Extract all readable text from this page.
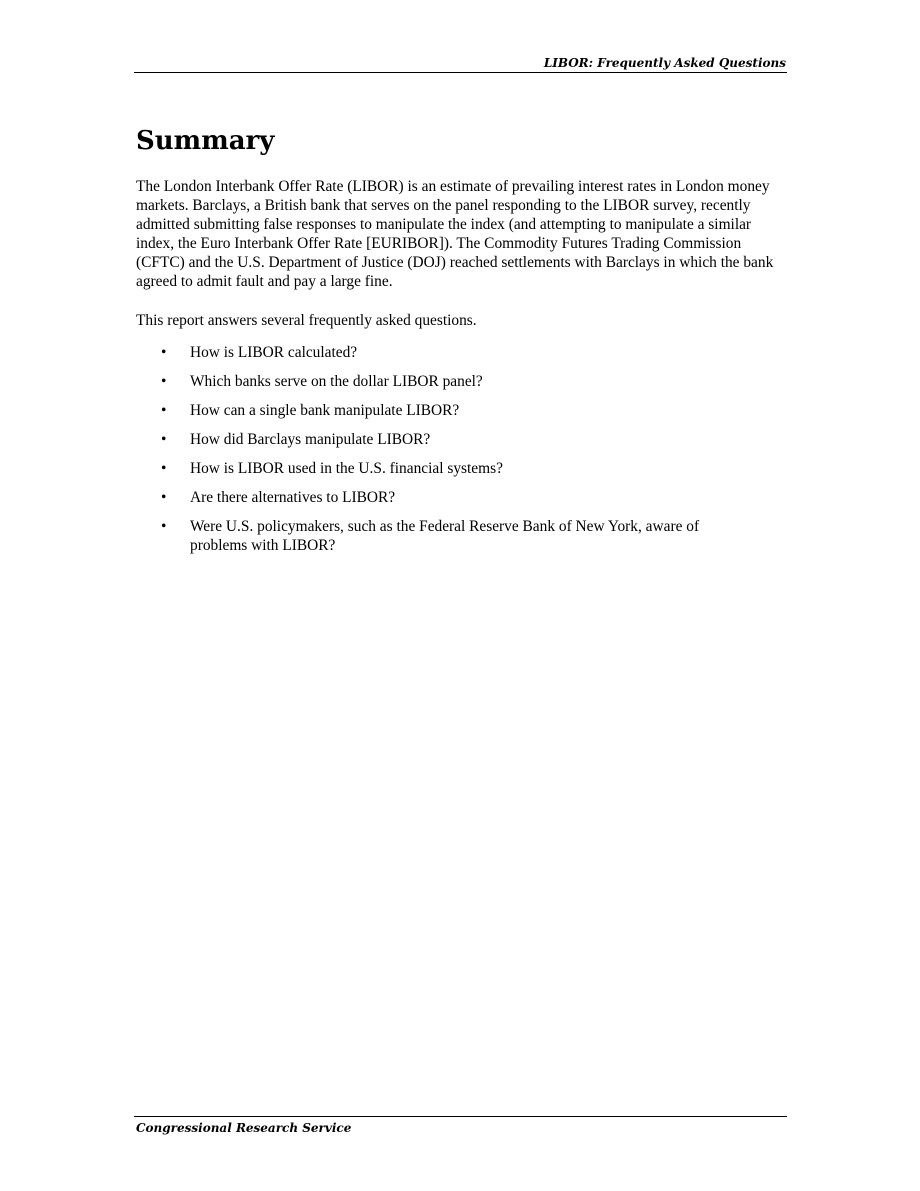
LIBOR: Frequently Asked Questions
Summary

The London Interbank Offer Rate (LIBOR) is an estimate of prevailing interest rates in London money markets. Barclays, a British bank that serves on the panel responding to the LIBOR survey, recently admitted submitting false responses to manipulate the index (and attempting to manipulate a similar index, the Euro Interbank Offer Rate [EURIBOR]). The Commodity Futures Trading Commission (CFTC) and the U.S. Department of Justice (DOJ) reached settlements with Barclays in which the bank agreed to admit fault and pay a large fine.

This report answers several frequently asked questions.

• How is LIBOR calculated?
• Which banks serve on the dollar LIBOR panel?
• How can a single bank manipulate LIBOR?
• How did Barclays manipulate LIBOR?
• How is LIBOR used in the U.S. financial systems?
• Are there alternatives to LIBOR?
• Were U.S. policymakers, such as the Federal Reserve Bank of New York, aware of problems with LIBOR?
Congressional Research Service
